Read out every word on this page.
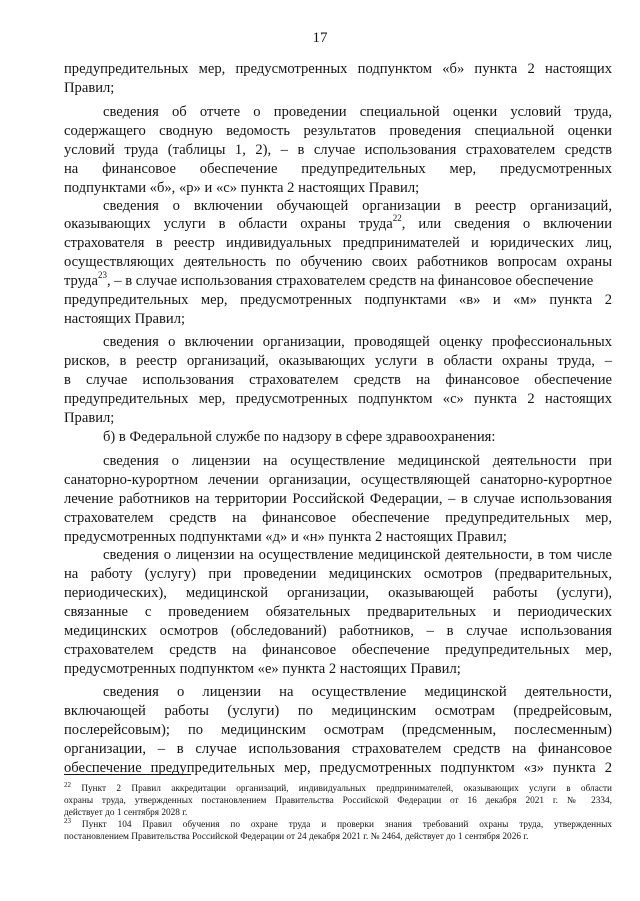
17
предупредительных мер, предусмотренных подпунктом «б» пункта 2 настоящих
Правил;
сведения об отчете о проведении специальной оценки условий труда,
содержащего сводную ведомость результатов проведения специальной оценки
условий труда (таблицы 1, 2), – в случае использования страхователем средств
на финансовое обеспечение предупредительных мер, предусмотренных
подпунктами «б», «р» и «с» пункта 2 настоящих Правил;
сведения о включении обучающей организации в реестр организаций,
оказывающих услуги в области охраны труда$^{22}$, или сведения о включении
страхователя в реестр индивидуальных предпринимателей и юридических лиц,
осуществляющих деятельность по обучению своих работников вопросам охраны
труда$^{23}$, – в случае использования страхователем средств на финансовое обеспечение
предупредительных мер, предусмотренных подпунктами «в» и «м» пункта 2
настоящих Правил;
сведения о включении организации, проводящей оценку профессиональных
рисков, в реестр организаций, оказывающих услуги в области охраны труда, –
в случае использования страхователем средств на финансовое обеспечение
предупредительных мер, предусмотренных подпунктом «с» пункта 2 настоящих
Правил;
б) в Федеральной службе по надзору в сфере здравоохранения:
сведения о лицензии на осуществление медицинской деятельности при
санаторно-курортном лечении организации, осуществляющей санаторно-курортное
лечение работников на территории Российской Федерации, – в случае использования
страхователем средств на финансовое обеспечение предупредительных мер,
предусмотренных подпунктами «д» и «н» пункта 2 настоящих Правил;
сведения о лицензии на осуществление медицинской деятельности, в том числе
на работу (услугу) при проведении медицинских осмотров (предварительных,
периодических), медицинской организации, оказывающей работы (услуги),
связанные с проведением обязательных предварительных и периодических
медицинских осмотров (обследований) работников, – в случае использования
страхователем средств на финансовое обеспечение предупредительных мер,
предусмотренных подпунктом «е» пункта 2 настоящих Правил;
сведения о лицензии на осуществление медицинской деятельности,
включающей работы (услуги) по медицинским осмотрам (предрейсовым,
послерейсовым); по медицинским осмотрам (предсменным, послесменным)
организации, – в случае использования страхователем средств на финансовое
обеспечение предупредительных мер, предусмотренных подпунктом «з» пункта 2
$^{22}$ Пункт 2 Правил аккредитации организаций, индивидуальных предпринимателей, оказывающих услуги в области
охраны труда, утвержденных постановлением Правительства Российской Федерации от 16 декабря 2021 г. № 2334,
действует до 1 сентября 2028 г.
$^{23}$ Пункт 104 Правил обучения по охране труда и проверки знания требований охраны труда, утвержденных
постановлением Правительства Российской Федерации от 24 декабря 2021 г. № 2464, действует до 1 сентября 2026 г.
